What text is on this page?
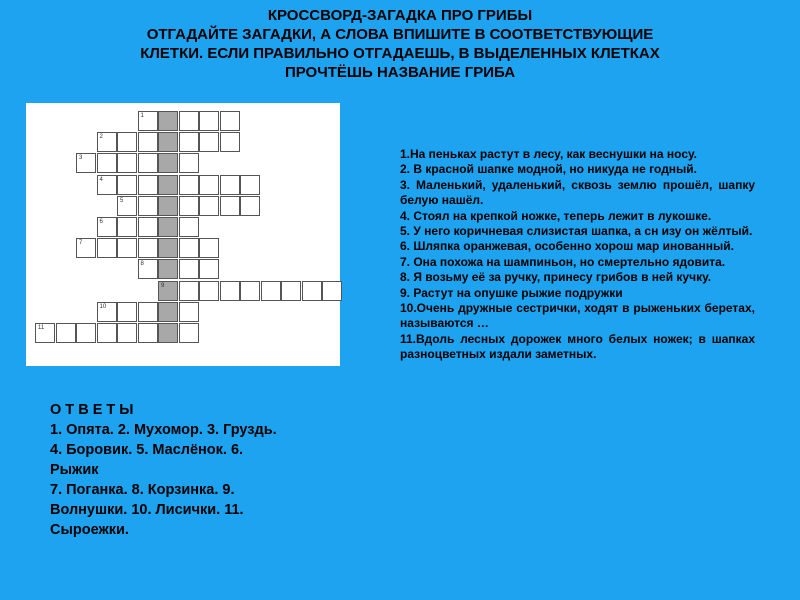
КРОССВОРД-ЗАГАДКА ПРО ГРИБЫ
ОТГАДАЙТЕ ЗАГАДКИ, А СЛОВА ВПИШИТЕ В СООТВЕТСТВУЮЩИЕ
КЛЕТКИ. ЕСЛИ ПРАВИЛЬНО ОТГАДАЕШЬ, В ВЫДЕЛЕННЫХ КЛЕТКАХ
ПРОЧТЁШЬ НАЗВАНИЕ ГРИБА
1
2
3
4
5
6
7
8
9
10
11

1.На пеньках растут в лесу, как веснушки на носу.

2. В красной шапке модной, но никуда не годный.

3. Маленький, удаленький, сквозь землю прошёл, шапку белую нашёл.

4. Стоял на крепкой ножке, теперь лежит в лукошке.

5. У него коричневая слизистая шапка, а сн изу он жёлтый.

6. Шляпка оранжевая, особенно хорош мар инованный.

7. Она похожа на шампиньон, но смертельно ядовита.

8. Я возьму её за ручку, принесу грибов в ней кучку.

9. Растут на опушке рыжие подружки

10.Очень дружные сестрички, ходят в рыженьких беретах, называются …

11.Вдоль лесных дорожек много белых ножек; в шапках разноцветных издали заметных.

О Т В Е Т Ы
1. Опята. 2. Мухомор. 3. Груздь.
4. Боровик. 5. Маслёнок. 6.
Рыжик
7. Поганка. 8. Корзинка. 9.
Волнушки. 10. Лисички. 11.
Сыроежки.
